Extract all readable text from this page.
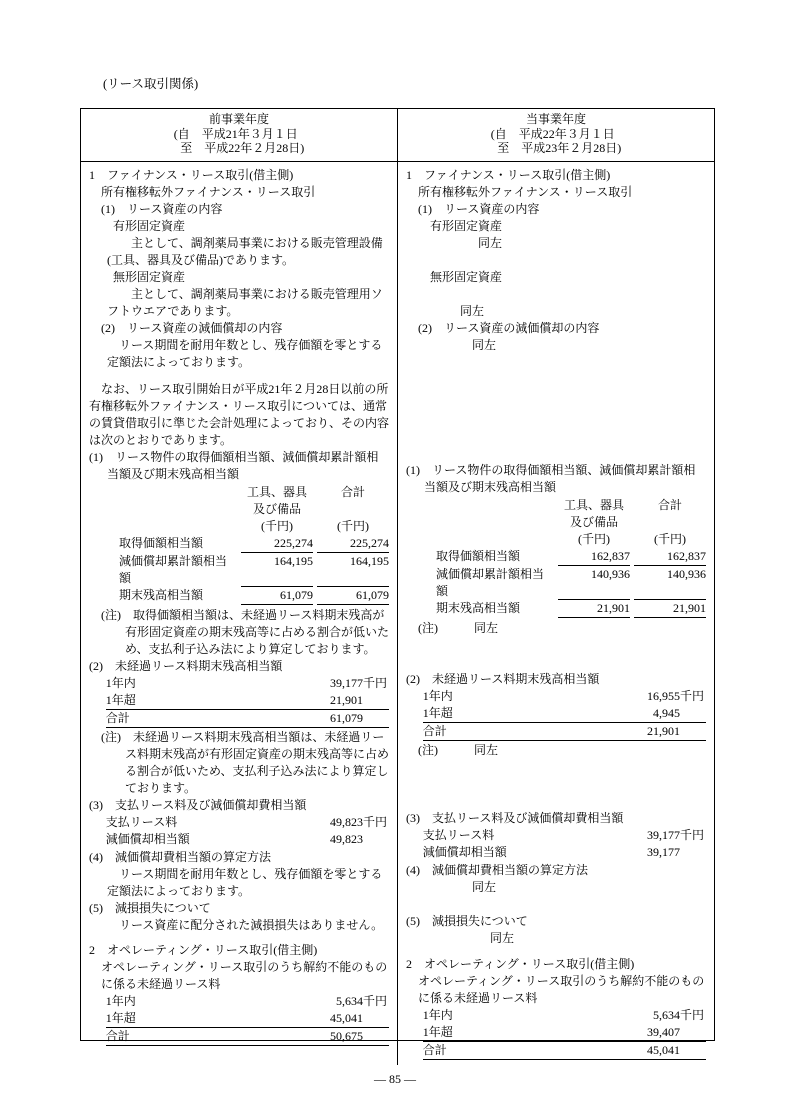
(リース取引関係)
前事業年度
(自　平成21年３月１日
至　平成22年２月28日)
当事業年度
(自　平成22年３月１日
至　平成23年２月28日)
1　ファイナンス・リース取引(借主側)
所有権移転外ファイナンス・リース取引
(1)　リース資産の内容
有形固定資産
主として、調剤薬局事業における販売管理設備(工具、器具及び備品)であります。
無形固定資産
主として、調剤薬局事業における販売管理用ソフトウエアであります。
(2)　リース資産の減価償却の内容
リース期間を耐用年数とし、残存価額を零とする定額法によっております。
なお、リース取引開始日が平成21年２月28日以前の所有権移転外ファイナンス・リース取引については、通常の賃貸借取引に準じた会計処理によっており、その内容は次のとおりであります。
(1)　リース物件の取得価額相当額、減価償却累計額相当額及び期末残高相当額
工具、器具
及び備品
合計
(千円)	(千円)
取得価額相当額	225,274	225,274
減価償却累計額相当額
164,195	164,195
期末残高相当額	61,079	61,079
(注)　取得価額相当額は、未経過リース料期末残高が有形固定資産の期末残高等に占める割合が低いため、支払利子込み法により算定しております。
(2)　未経過リース料期末残高相当額
1年内	39,177 千円
1年超	21,901
合計	61,079
(注)　未経過リース料期末残高相当額は、未経過リース料期末残高が有形固定資産の期末残高等に占める割合が低いため、支払利子込み法により算定しております。
(3)　支払リース料及び減価償却費相当額
支払リース料	49,823 千円
減価償却相当額	49,823
(4)　減価償却費相当額の算定方法
リース期間を耐用年数とし、残存価額を零とする定額法によっております。
(5)　減損損失について
リース資産に配分された減損損失はありません。
2　オペレーティング・リース取引(借主側)
オペレーティング・リース取引のうち解約不能のものに係る未経過リース料
1年内	5,634 千円
1年超	45,041
合計	50,675
1　ファイナンス・リース取引(借主側)
所有権移転外ファイナンス・リース取引
(1)　リース資産の内容
有形固定資産
同左
無形固定資産
同左
(2)　リース資産の減価償却の内容
同左
(1)　リース物件の取得価額相当額、減価償却累計額相当額及び期末残高相当額
工具、器具
及び備品
合計
(千円)	(千円)
取得価額相当額	162,837	162,837
減価償却累計額相当額
140,936	140,936
期末残高相当額	21,901	21,901
(注)	同左
(2)　未経過リース料期末残高相当額
1年内	16,955 千円
1年超	4,945
合計	21,901
(注)	同左
(3)　支払リース料及び減価償却費相当額
支払リース料	39,177 千円
減価償却相当額	39,177
(4)　減価償却費相当額の算定方法
同左
(5)　減損損失について
同左
2　オペレーティング・リース取引(借主側)
オペレーティング・リース取引のうち解約不能のものに係る未経過リース料
1年内	5,634 千円
1年超	39,407
合計	45,041
— 85 —
